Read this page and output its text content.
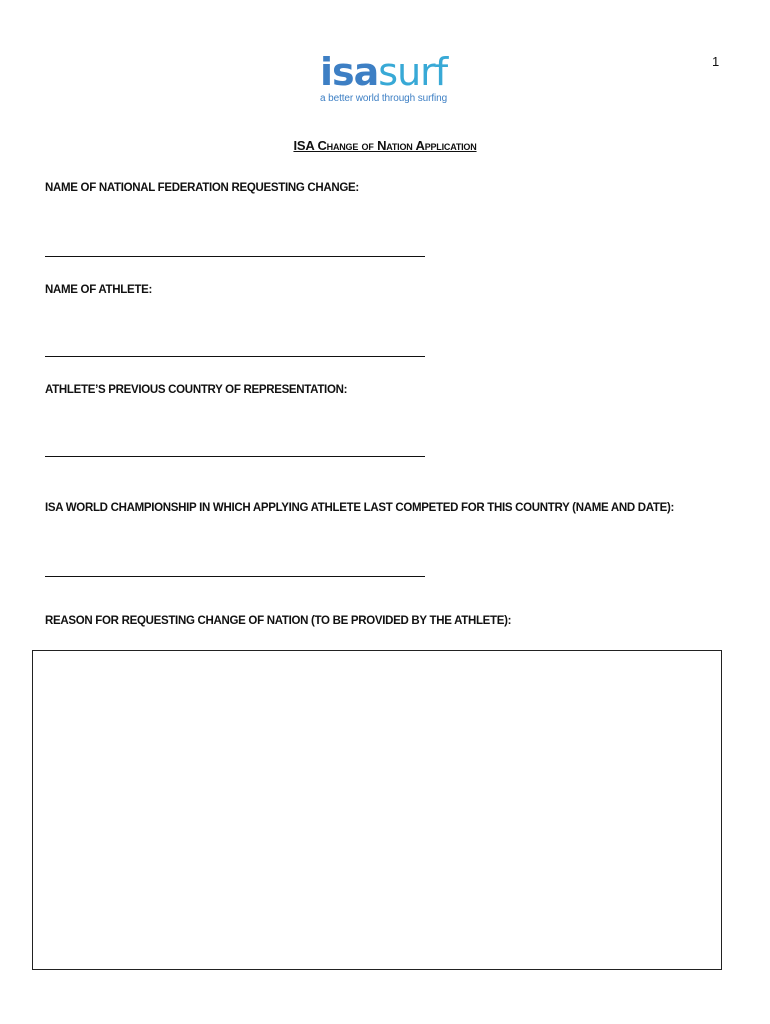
1
isasurf
a better world through surfing
ISA Change of Nation Application
NAME OF NATIONAL FEDERATION REQUESTING CHANGE:
NAME OF ATHLETE:
ATHLETE’S PREVIOUS COUNTRY OF REPRESENTATION:
ISA WORLD CHAMPIONSHIP IN WHICH APPLYING ATHLETE LAST COMPETED FOR THIS COUNTRY (NAME AND DATE):
REASON FOR REQUESTING CHANGE OF NATION (TO BE PROVIDED BY THE ATHLETE):
